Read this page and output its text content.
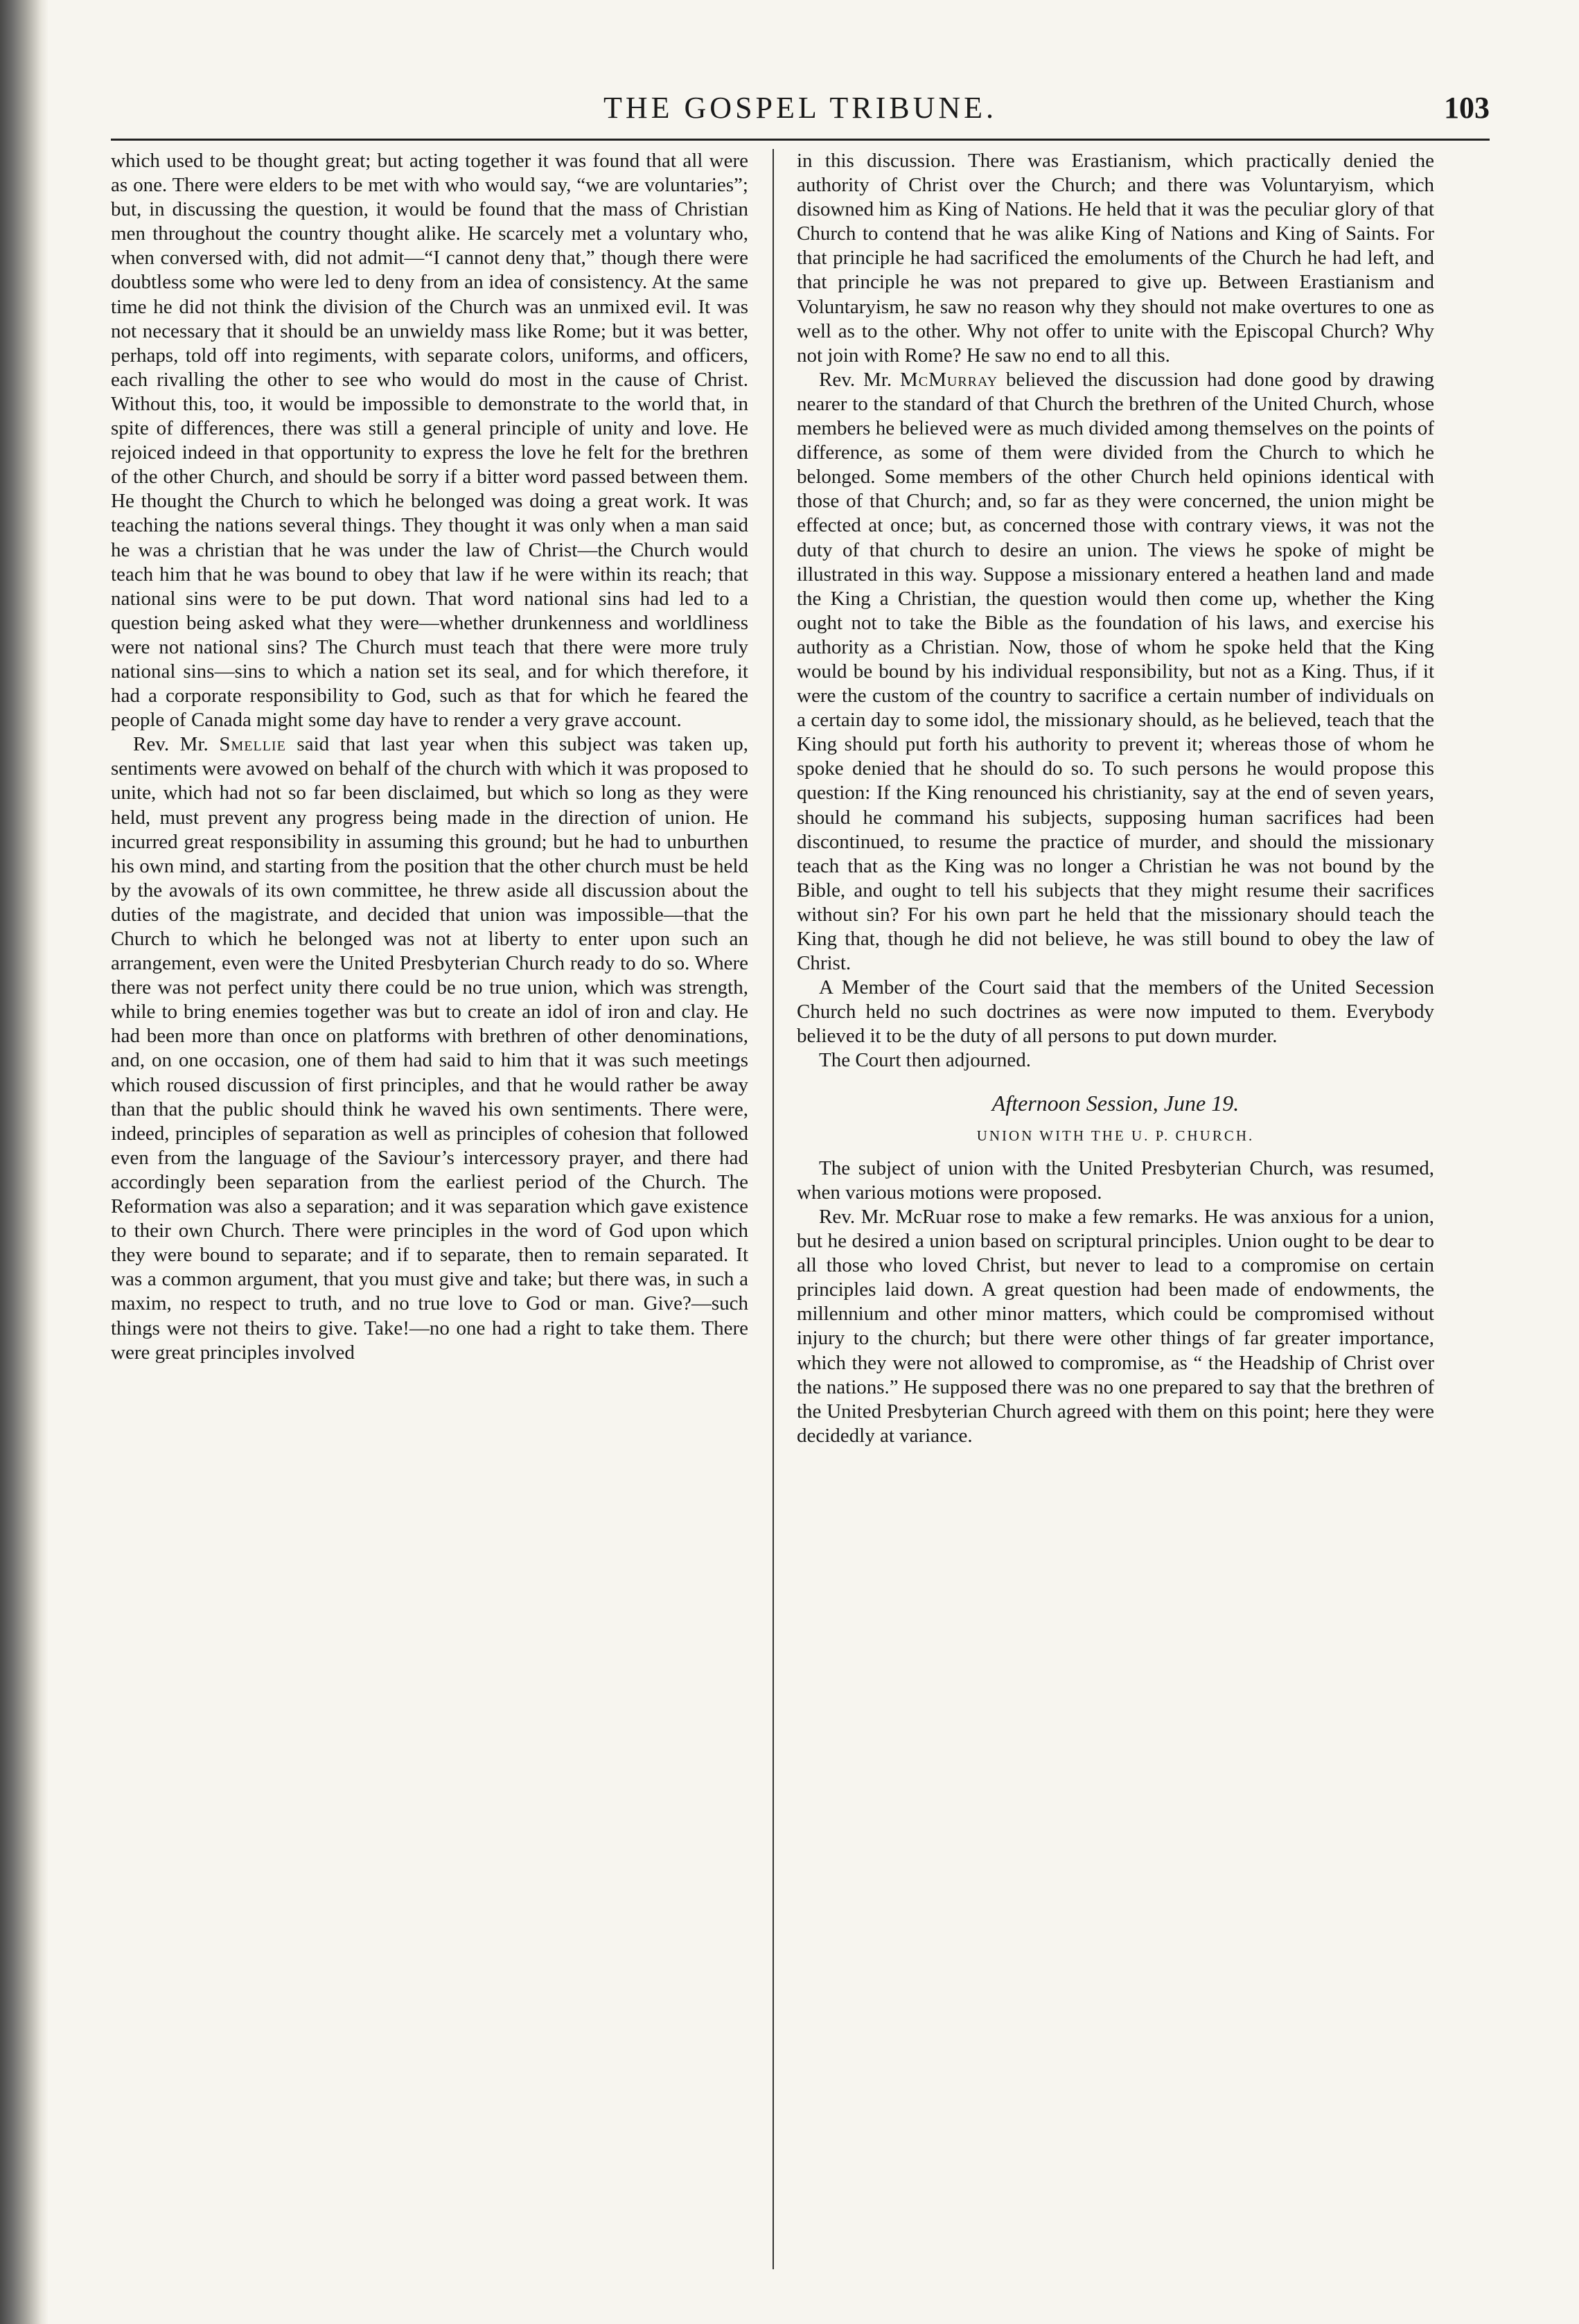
THE GOSPEL TRIBUNE.	103

which used to be thought great; but acting together it was found that all were as one. There were elders to be met with who would say, “we are voluntaries”; but, in discussing the question, it would be found that the mass of Christian men throughout the country thought alike. He scarcely met a voluntary who, when conversed with, did not admit—“I cannot deny that,” though there were doubtless some who were led to deny from an idea of consistency. At the same time he did not think the division of the Church was an unmixed evil. It was not necessary that it should be an unwieldy mass like Rome; but it was better, perhaps, told off into regiments, with separate colors, uniforms, and officers, each rivalling the other to see who would do most in the cause of Christ. Without this, too, it would be impossible to demonstrate to the world that, in spite of differences, there was still a general principle of unity and love. He rejoiced indeed in that opportunity to express the love he felt for the brethren of the other Church, and should be sorry if a bitter word passed between them. He thought the Church to which he belonged was doing a great work. It was teaching the nations several things. They thought it was only when a man said he was a christian that he was under the law of Christ—the Church would teach him that he was bound to obey that law if he were within its reach; that national sins were to be put down. That word national sins had led to a question being asked what they were—whether drunkenness and worldliness were not national sins? The Church must teach that there were more truly national sins—sins to which a nation set its seal, and for which therefore, it had a corporate responsibility to God, such as that for which he feared the people of Canada might some day have to render a very grave account.

Rev. Mr. Smellie said that last year when this subject was taken up, sentiments were avowed on behalf of the church with which it was proposed to unite, which had not so far been disclaimed, but which so long as they were held, must prevent any progress being made in the direction of union. He incurred great responsibility in assuming this ground; but he had to unburthen his own mind, and starting from the position that the other church must be held by the avowals of its own committee, he threw aside all discussion about the duties of the magistrate, and decided that union was impossible—that the Church to which he belonged was not at liberty to enter upon such an arrangement, even were the United Presbyterian Church ready to do so. Where there was not perfect unity there could be no true union, which was strength, while to bring enemies together was but to create an idol of iron and clay. He had been more than once on platforms with brethren of other denominations, and, on one occasion, one of them had said to him that it was such meetings which roused discussion of first principles, and that he would rather be away than that the public should think he waved his own sentiments. There were, indeed, principles of separation as well as principles of cohesion that followed even from the language of the Saviour’s intercessory prayer, and there had accordingly been separation from the earliest period of the Church. The Reformation was also a separation; and it was separation which gave existence to their own Church. There were principles in the word of God upon which they were bound to separate; and if to separate, then to remain separated. It was a common argument, that you must give and take; but there was, in such a maxim, no respect to truth, and no true love to God or man. Give?—such things were not theirs to give. Take!—no one had a right to take them. There were great principles involved

in this discussion. There was Erastianism, which practically denied the authority of Christ over the Church; and there was Voluntaryism, which disowned him as King of Nations. He held that it was the peculiar glory of that Church to contend that he was alike King of Nations and King of Saints. For that principle he had sacrificed the emoluments of the Church he had left, and that principle he was not prepared to give up. Between Erastianism and Voluntaryism, he saw no reason why they should not make overtures to one as well as to the other. Why not offer to unite with the Episcopal Church? Why not join with Rome? He saw no end to all this.

Rev. Mr. McMurray believed the discussion had done good by drawing nearer to the standard of that Church the brethren of the United Church, whose members he believed were as much divided among themselves on the points of difference, as some of them were divided from the Church to which he belonged. Some members of the other Church held opinions identical with those of that Church; and, so far as they were concerned, the union might be effected at once; but, as concerned those with contrary views, it was not the duty of that church to desire an union. The views he spoke of might be illustrated in this way. Suppose a missionary entered a heathen land and made the King a Christian, the question would then come up, whether the King ought not to take the Bible as the foundation of his laws, and exercise his authority as a Christian. Now, those of whom he spoke held that the King would be bound by his individual responsibility, but not as a King. Thus, if it were the custom of the country to sacrifice a certain number of individuals on a certain day to some idol, the missionary should, as he believed, teach that the King should put forth his authority to prevent it; whereas those of whom he spoke denied that he should do so. To such persons he would propose this question: If the King renounced his christianity, say at the end of seven years, should he command his subjects, supposing human sacrifices had been discontinued, to resume the practice of murder, and should the missionary teach that as the King was no longer a Christian he was not bound by the Bible, and ought to tell his subjects that they might resume their sacrifices without sin? For his own part he held that the missionary should teach the King that, though he did not believe, he was still bound to obey the law of Christ.

A Member of the Court said that the members of the United Secession Church held no such doctrines as were now imputed to them. Everybody believed it to be the duty of all persons to put down murder.

The Court then adjourned.

Afternoon Session, June 19.
UNION WITH THE U. P. CHURCH.

The subject of union with the United Presbyterian Church, was resumed, when various motions were proposed.

Rev. Mr. McRuar rose to make a few remarks. He was anxious for a union, but he desired a union based on scriptural principles. Union ought to be dear to all those who loved Christ, but never to lead to a compromise on certain principles laid down. A great question had been made of endowments, the millennium and other minor matters, which could be compromised without injury to the church; but there were other things of far greater importance, which they were not allowed to compromise, as “ the Headship of Christ over the nations.” He supposed there was no one prepared to say that the brethren of the United Presbyterian Church agreed with them on this point; here they were decidedly at variance.
